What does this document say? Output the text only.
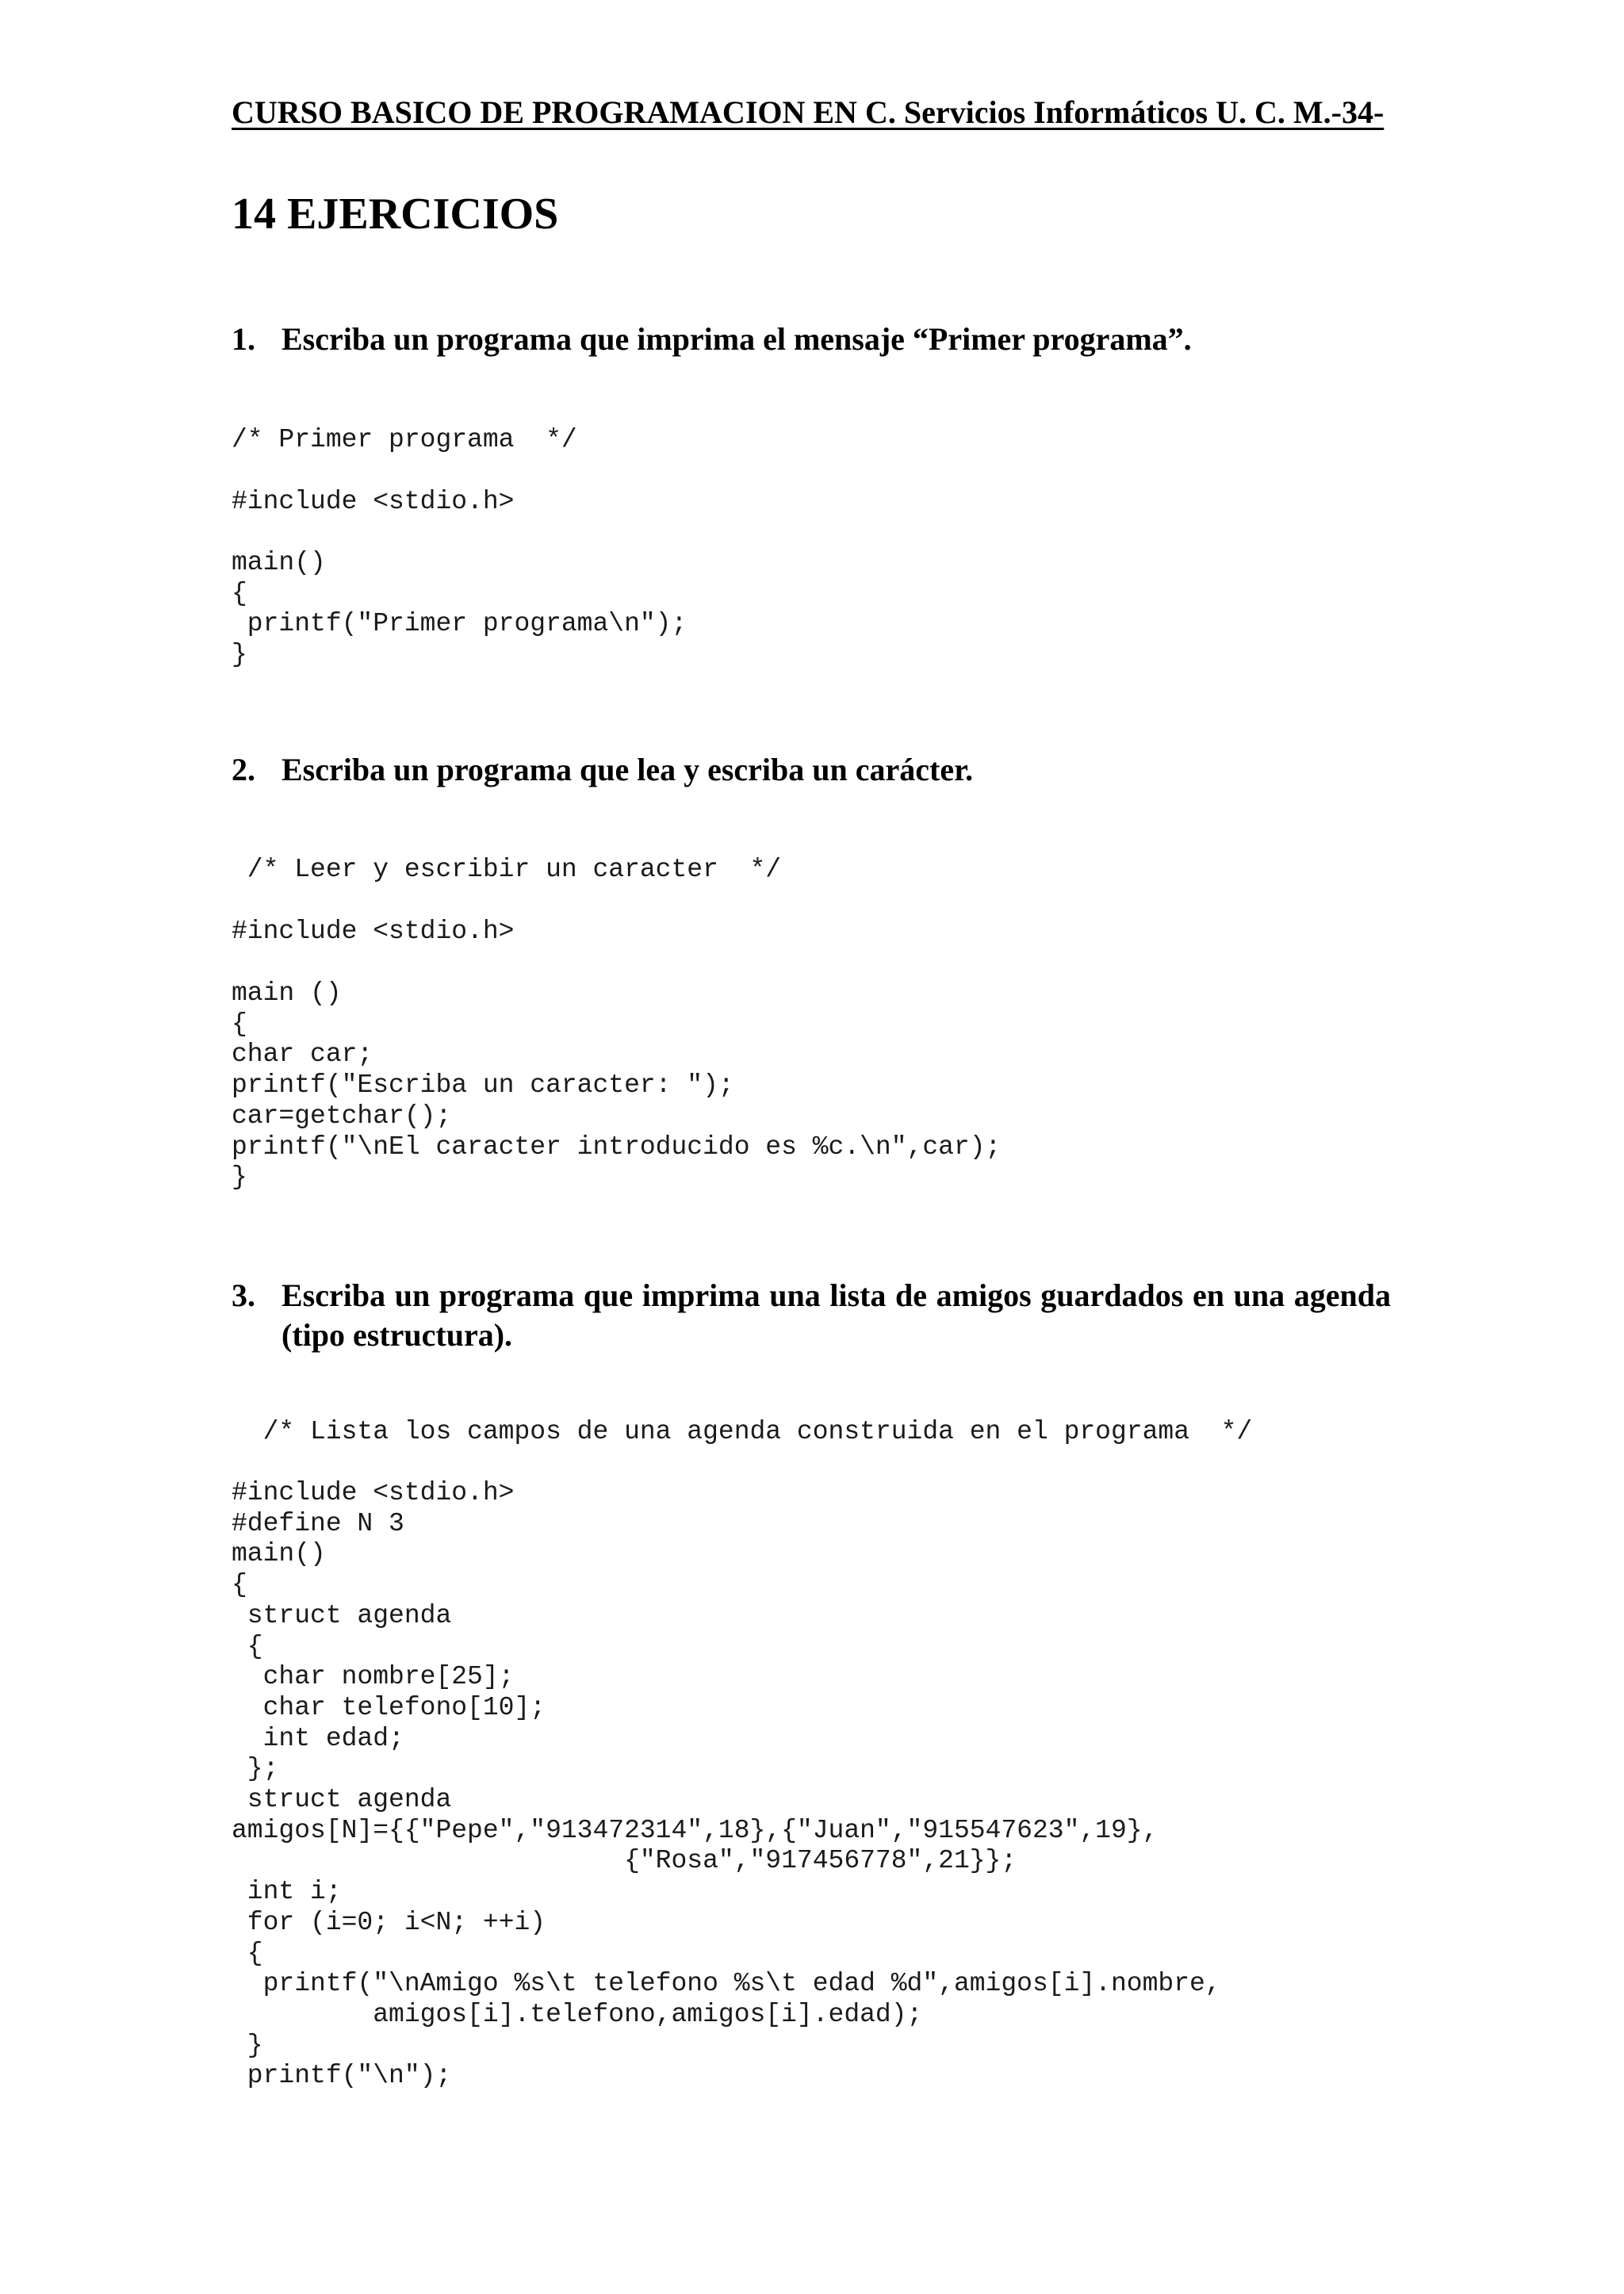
CURSO BASICO DE PROGRAMACION EN C. Servicios Informáticos U. C. M.-34-
14 EJERCICIOS
1. Escriba un programa que imprima el mensaje “Primer programa”.
/* Primer programa  */
#include <stdio.h>
main()
{
printf("Primer programa\n");
}
2. Escriba un programa que lea y escriba un carácter.
/* Leer y escribir un caracter  */
#include <stdio.h>
main ()
{
char car;
printf("Escriba un caracter: ");
car=getchar();
printf("\nEl caracter introducido es %c.\n",car);
}
3. Escriba un programa que imprima una lista de amigos guardados en una agenda (tipo estructura).
/* Lista los campos de una agenda construida en el programa  */
#include <stdio.h>
#define N 3
main()
{
struct agenda
{
char nombre[25];
char telefono[10];
int edad;
};
struct agenda
amigos[N]={{"Pepe","913472314",18},{"Juan","915547623",19},
{"Rosa","917456778",21}};
int i;
for (i=0; i<N; ++i)
{
printf("\nAmigo %s\t telefono %s\t edad %d",amigos[i].nombre,
amigos[i].telefono,amigos[i].edad);
}
printf("\n");
